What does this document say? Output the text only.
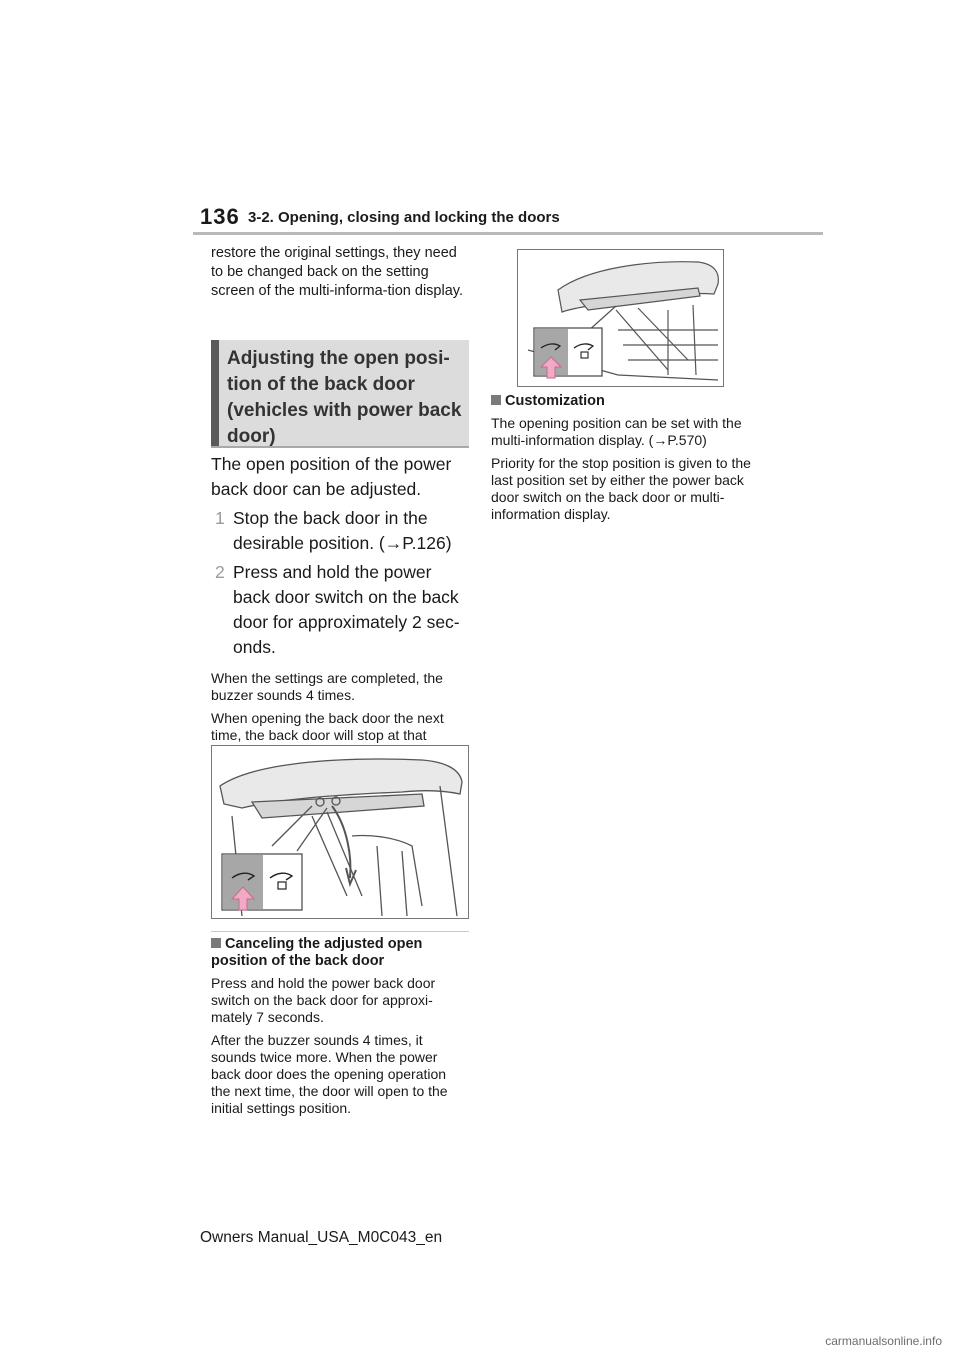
136 3-2. Opening, closing and locking the doors

restore the original settings, they need to be changed back on the setting screen of the multi-informa-tion display.

Adjusting the open posi-tion of the back door (vehicles with power back door)

The open position of the power back door can be adjusted.

1 Stop the back door in the desirable position. (→P.126)
2 Press and hold the power back door switch on the back door for approximately 2 sec-onds.

When the settings are completed, the buzzer sounds 4 times.

When opening the back door the next time, the back door will stop at that

Canceling the adjusted open position of the back door

Press and hold the power back door switch on the back door for approxi-mately 7 seconds.

After the buzzer sounds 4 times, it sounds twice more. When the power back door does the opening operation the next time, the door will open to the initial settings position.

Customization

The opening position can be set with the multi-information display. (→P.570)

Priority for the stop position is given to the last position set by either the power back door switch on the back door or multi-information display.

Owners Manual_USA_M0C043_en
carmanualsonline.info
